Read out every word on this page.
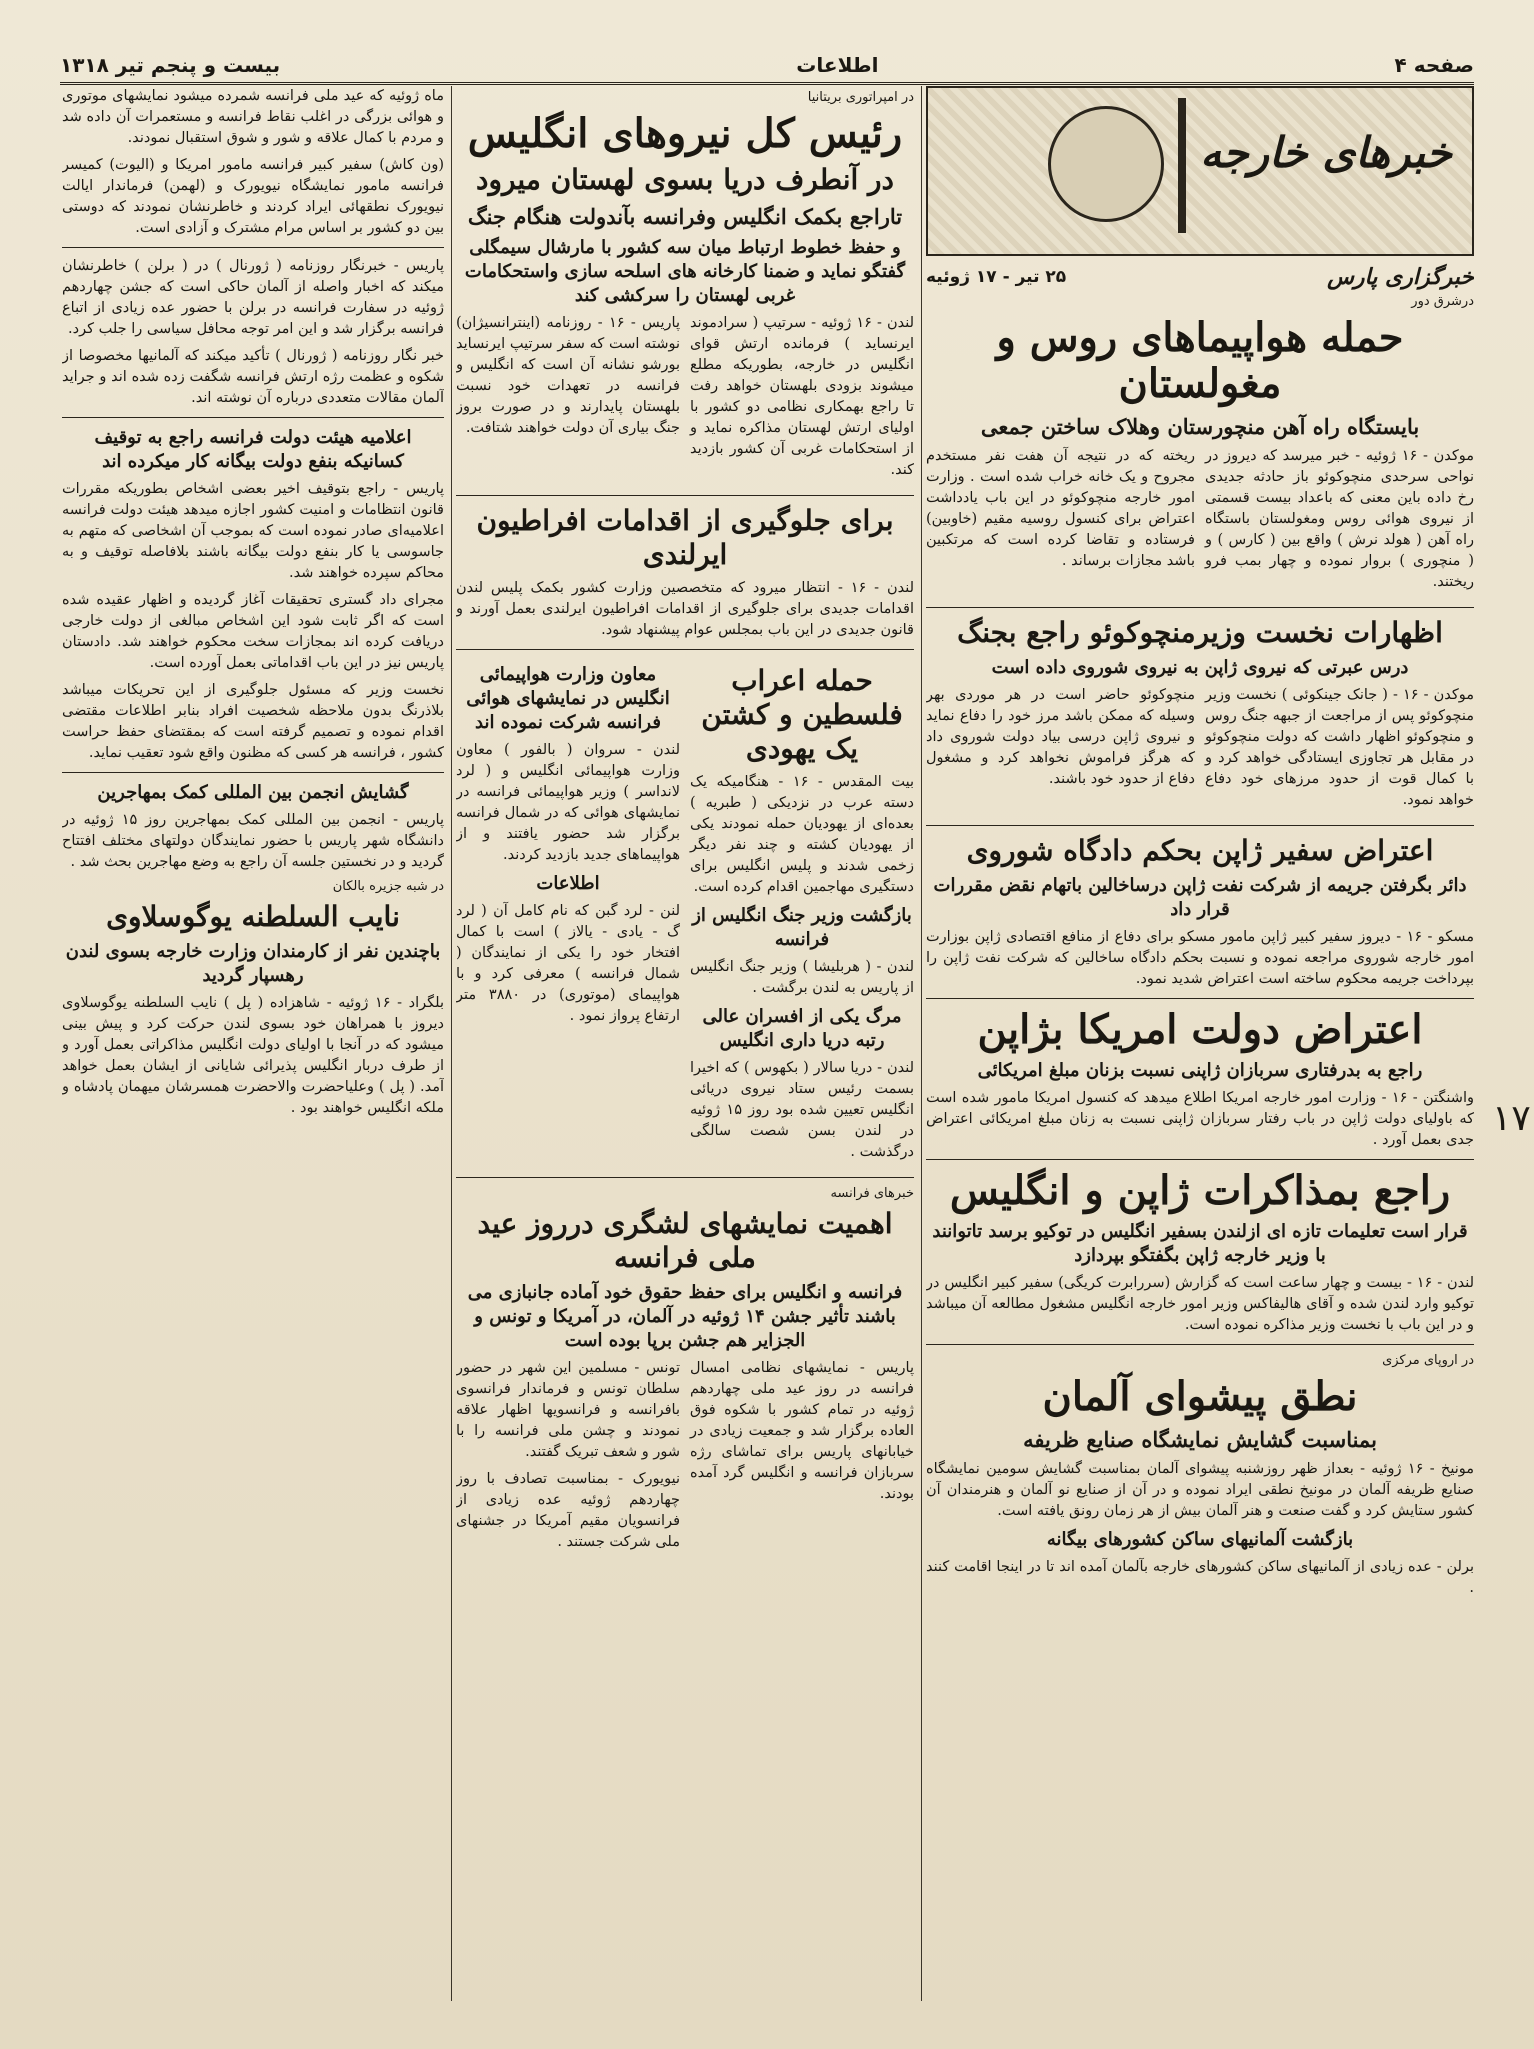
صفحه ۴
اطلاعات
بیست و پنجم تیر ۱۳۱۸
۱۷
خبرهای خارجه
خبرگزاری پارس
۲۵ تیر - ۱۷ ژوئیه
درشرق دور
حمله هواپیماهای روس و مغولستان
بایستگاه راه آهن منچورستان وهلاک ساختن جمعی

موکدن - ۱۶ ژوئیه - خبر میرسد که دیروز در نواحی سرحدی منچوکوئو باز حادثه جدیدی رخ داده باین معنی که باعداد بیست قسمتی از نیروی هوائی روس ومغولستان باستگاه راه آهن ( هولد نرش ) واقع بین ( کارس ) و ( منچوری ) بروار نموده و چهار بمب فرو ریختند.

ریخته که در نتیجه آن هفت نفر مستخدم مجروح و یک خانه خراب شده است . وزارت امور خارجه منچوکوئو در این باب یادداشت اعتراض برای کنسول روسیه مقیم (خاوبین) فرستاده و تقاضا کرده است که مرتکبین باشد مجازات برساند .

اظهارات نخست وزیرمنچوکوئو راجع بجنگ
درس عبرتی که نیروی ژاپن به نیروی شوروی داده است

موکدن - ۱۶ - ( جانک جینکوئی ) نخست وزیر منچوکوئو پس از مراجعت از جبهه جنگ روس و منچوکوئو اظهار داشت که دولت منچوکوئو در مقابل هر تجاوزی ایستادگی خواهد کرد و با کمال قوت از حدود مرزهای خود دفاع خواهد نمود.

منچوکوئو حاضر است در هر موردی بهر وسیله که ممکن باشد مرز خود را دفاع نماید و نیروی ژاپن درسی بیاد دولت شوروی داد که هرگز فراموش نخواهد کرد و مشغول دفاع از حدود خود باشند.

اعتراض سفیر ژاپن بحکم دادگاه شوروی
دائر بگرفتن جریمه از شرکت نفت ژاپن درساخالین باتهام نقض مقررات قرار داد

مسکو - ۱۶ - دیروز سفیر کبیر ژاپن مامور مسکو برای دفاع از منافع اقتصادی ژاپن بوزارت امور خارجه شوروی مراجعه نموده و نسبت بحکم دادگاه ساخالین که شرکت نفت ژاپن را بپرداخت جریمه محکوم ساخته است اعتراض شدید نمود.

اعتراض دولت امریکا بژاپن
راجع به بدرفتاری سربازان ژاپنی نسبت بزنان مبلغ امریکائی

واشنگتن - ۱۶ - وزارت امور خارجه امریکا اطلاع میدهد که کنسول امریکا مامور شده است که باولیای دولت ژاپن در باب رفتار سربازان ژاپنی نسبت به زنان مبلغ امریکائی اعتراض جدی بعمل آورد .

راجع بمذاکرات ژاپن و انگلیس
قرار است تعلیمات تازه ای ازلندن بسفیر انگلیس در توکیو برسد تاتوانند با وزیر خارجه ژاپن بگفتگو بپردازد

لندن - ۱۶ - بیست و چهار ساعت است که گزارش (سررابرت کریگی) سفیر کبیر انگلیس در توکیو وارد لندن شده و آقای هالیفاکس وزیر امور خارجه انگلیس مشغول مطالعه آن میباشد و در این باب با نخست وزیر مذاکره نموده است.

در اروپای مرکزی
نطق پیشوای آلمان
بمناسبت گشایش نمایشگاه صنایع ظریفه

مونیخ - ۱۶ ژوئیه - بعداز ظهر روزشنبه پیشوای آلمان بمناسبت گشایش سومین نمایشگاه صنایع ظریفه آلمان در مونیخ نطقی ایراد نموده و در آن از صنایع نو آلمان و هنرمندان آن کشور ستایش کرد و گفت صنعت و هنر آلمان بیش از هر زمان رونق یافته است.

بازگشت آلمانیهای ساکن کشورهای بیگانه

برلن - عده زیادی از آلمانیهای ساکن کشورهای خارجه بآلمان آمده اند تا در اینجا اقامت کنند .

در امپراتوری بریتانیا
رئیس کل نیروهای انگلیس
در آنطرف دریا بسوی لهستان میرود
تاراجع بکمک انگلیس وفرانسه بآندولت هنگام جنگ
و حفظ خطوط ارتباط میان سه کشور با مارشال سیمگلی گفتگو نماید و ضمنا کارخانه های اسلحه سازی واستحکامات غربی لهستان را سرکشی کند

لندن - ۱۶ ژوئیه - سرتیپ ( سرادموند ایرنساید ) فرمانده ارتش قوای انگلیس در خارجه، بطوریکه مطلع میشوند بزودی بلهستان خواهد رفت تا راجع بهمکاری نظامی دو کشور با اولیای ارتش لهستان مذاکره نماید و از استحکامات غربی آن کشور بازدید کند.

پاریس - ۱۶ - روزنامه (اینترانسیژان) نوشته است که سفر سرتیپ ایرنساید بورشو نشانه آن است که انگلیس و فرانسه در تعهدات خود نسبت بلهستان پایدارند و در صورت بروز جنگ بیاری آن دولت خواهند شتافت.

برای جلوگیری از اقدامات افراطیون ایرلندی

لندن - ۱۶ - انتظار میرود که متخصصین وزارت کشور بکمک پلیس لندن اقدامات جدیدی برای جلوگیری از اقدامات افراطیون ایرلندی بعمل آورند و قانون جدیدی در این باب بمجلس عوام پیشنهاد شود.

حمله اعراب فلسطین و کشتن یک یهودی

بیت المقدس - ۱۶ - هنگامیکه یک دسته عرب در نزدیکی ( طبریه ) بعده‌ای از یهودیان حمله نمودند یکی از یهودیان کشته و چند نفر دیگر زخمی شدند و پلیس انگلیس برای دستگیری مهاجمین اقدام کرده است.

بازگشت وزیر جنگ انگلیس از فرانسه

لندن - ( هربلیشا ) وزیر جنگ انگلیس از پاریس به لندن برگشت .

مرگ یکی از افسران عالی رتبه دریا داری انگلیس

لندن - دریا سالار ( بکهوس ) که اخیرا بسمت رئیس ستاد نیروی دریائی انگلیس تعیین شده بود روز ۱۵ ژوئیه در لندن بسن شصت سالگی درگذشت .

معاون وزارت هواپیمائی انگلیس در نمایشهای هوائی فرانسه شرکت نموده اند

لندن - سروان ( بالفور ) معاون وزارت هواپیمائی انگلیس و ( لرد لانداسر ) وزیر هواپیمائی فرانسه در نمایشهای هوائی که در شمال فرانسه برگزار شد حضور یافتند و از هواپیماهای جدید بازدید کردند.

اطلاعات

لنن - لرد گبن که نام کامل آن ( لرد گ - یادی - یالاز ) است با کمال افتخار خود را یکی از نمایندگان ( شمال فرانسه ) معرفی کرد و با هواپیمای (موتوری) در ۳۸۸۰ متر ارتفاع پرواز نمود .

خبرهای فرانسه
اهمیت نمایشهای لشگری درروز عید ملی فرانسه
فرانسه و انگلیس برای حفظ حقوق خود آماده جانبازی می باشند تأثیر جشن ۱۴ ژوئیه در آلمان، در آمریکا و تونس و الجزایر هم جشن برپا بوده است

پاریس - نمایشهای نظامی امسال فرانسه در روز عید ملی چهاردهم ژوئیه در تمام کشور با شکوه فوق العاده برگزار شد و جمعیت زیادی در خیابانهای پاریس برای تماشای رژه سربازان فرانسه و انگلیس گرد آمده بودند.

تونس - مسلمین این شهر در حضور سلطان تونس و فرماندار فرانسوی بافرانسه و فرانسویها اظهار علاقه نمودند و چشن ملی فرانسه را با شور و شعف تبریک گفتند.

نیویورک - بمناسبت تصادف با روز چهاردهم ژوئیه عده زیادی از فرانسویان مقیم آمریکا در جشنهای ملی شرکت جستند .

ماه ژوئیه که عید ملی فرانسه شمرده میشود نمایشهای موتوری و هوائی بزرگی در اغلب نقاط فرانسه و مستعمرات آن داده شد و مردم با کمال علاقه و شور و شوق استقبال نمودند.

(ون کاش) سفیر کبیر فرانسه مامور امریکا و (الیوت) کمیسر فرانسه مامور نمایشگاه نیویورک و (لهمن) فرماندار ایالت نیویورک نطقهائی ایراد کردند و خاطرنشان نمودند که دوستی بین دو کشور بر اساس مرام مشترک و آزادی است.

پاریس - خبرنگار روزنامه ( ژورنال ) در ( برلن ) خاطرنشان میکند که اخبار واصله از آلمان حاکی است که جشن چهاردهم ژوئیه در سفارت فرانسه در برلن با حضور عده زیادی از اتباع فرانسه برگزار شد و این امر توجه محافل سیاسی را جلب کرد.

خبر نگار روزنامه ( ژورنال ) تأکید میکند که آلمانیها مخصوصا از شکوه و عظمت رژه ارتش فرانسه شگفت زده شده اند و جراید آلمان مقالات متعددی درباره آن نوشته اند.

اعلامیه هیئت دولت فرانسه راجع به توقیف کسانیکه بنفع دولت بیگانه کار میکرده اند

پاریس - راجع بتوقیف اخیر بعضی اشخاص بطوریکه مقررات قانون انتظامات و امنیت کشور اجازه میدهد هیئت دولت فرانسه اعلامیه‌ای صادر نموده است که بموجب آن اشخاصی که متهم به جاسوسی یا کار بنفع دولت بیگانه باشند بلافاصله توقیف و به محاکم سپرده خواهند شد.

مجرای داد گستری تحقیقات آغاز گردیده و اظهار عقیده شده است که اگر ثابت شود این اشخاص مبالغی از دولت خارجی دریافت کرده اند بمجازات سخت محکوم خواهند شد. دادستان پاریس نیز در این باب اقداماتی بعمل آورده است.

نخست وزیر که مسئول جلوگیری از این تحریکات میباشد بلاذرنگ بدون ملاحظه شخصیت افراد بنابر اطلاعات مقتضی اقدام نموده و تصمیم گرفته است که بمقتضای حفظ حراست کشور ، فرانسه هر کسی که مظنون واقع شود تعقیب نماید.

گشایش انجمن بین المللی کمک بمهاجرین

پاریس - انجمن بین المللی کمک بمهاجرین روز ۱۵ ژوئیه در دانشگاه شهر پاریس با حضور نمایندگان دولتهای مختلف افتتاح گردید و در نخستین جلسه آن راجع به وضع مهاجرین بحث شد .

در شبه جزیره بالکان
نایب السلطنه یوگوسلاوی
باچندین نفر از کارمندان وزارت خارجه بسوی لندن رهسپار گردید

بلگراد - ۱۶ ژوئیه - شاهزاده ( پل ) نایب السلطنه یوگوسلاوی دیروز با همراهان خود بسوی لندن حرکت کرد و پیش بینی میشود که در آنجا با اولیای دولت انگلیس مذاکراتی بعمل آورد و از طرف دربار انگلیس پذیرائی شایانی از ایشان بعمل خواهد آمد. ( پل ) وعلیاحضرت والاحضرت همسرشان میهمان پادشاه و ملکه انگلیس خواهند بود .
